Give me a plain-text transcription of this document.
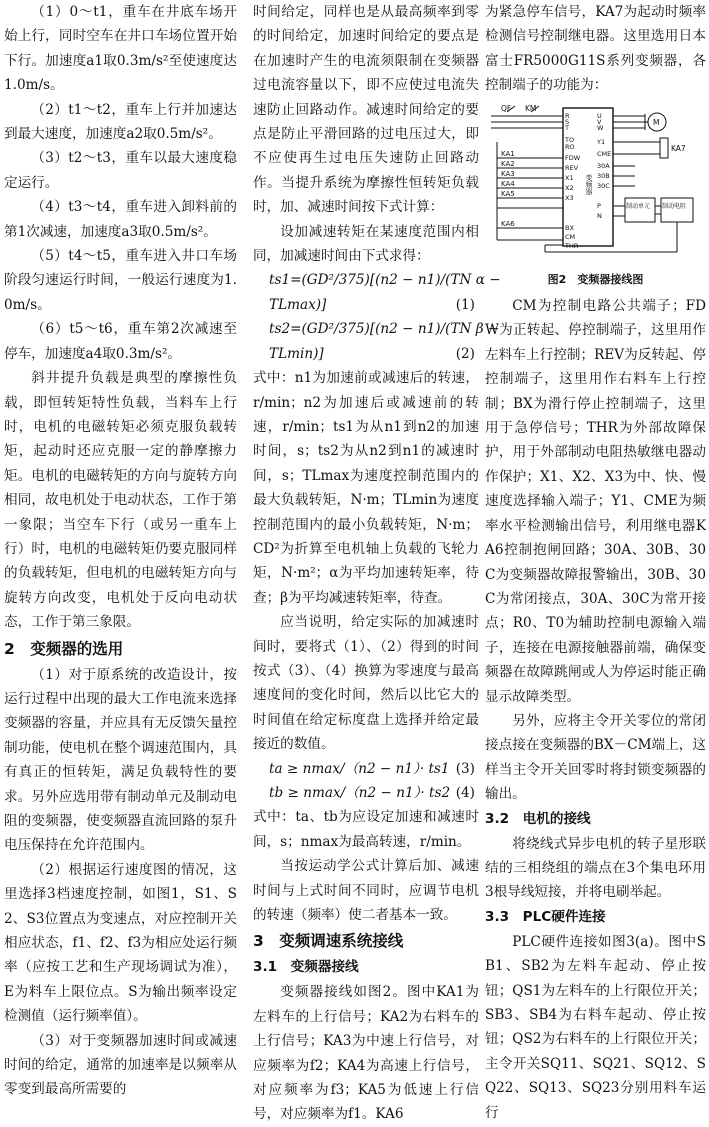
（1）0～t1，重车在井底车场开始上行，同时空车在井口车场位置开始下行。加速度a1取0.3m/s²至使速度达1.0m/s。

（2）t1～t2，重车上行并加速达到最大速度，加速度a2取0.5m/s²。

（3）t2～t3，重车以最大速度稳定运行。

（4）t3～t4，重车进入卸料前的第1次减速，加速度a3取0.5m/s²。

（5）t4～t5，重车进入井口车场阶段匀速运行时间，一般运行速度为1.0m/s。

（6）t5～t6，重车第2次减速至停车，加速度a4取0.3m/s²。

斜井提升负载是典型的摩擦性负载，即恒转矩特性负载，当料车上行时，电机的电磁转矩必须克服负载转矩，起动时还应克服一定的静摩擦力矩。电机的电磁转矩的方向与旋转方向相同，故电机处于电动状态，工作于第一象限；当空车下行（或另一重车上行）时，电机的电磁转矩仍要克服同样的负载转矩，但电机的电磁转矩方向与旋转方向改变，电机处于反向电动状态，工作于第三象限。

2　变频器的选用

（1）对于原系统的改造设计，按运行过程中出现的最大工作电流来选择变频器的容量，并应具有无反馈矢量控制功能，使电机在整个调速范围内，具有真正的恒转矩，满足负载特性的要求。另外应选用带有制动单元及制动电阻的变频器，使变频器直流回路的泵升电压保持在允许范围内。

（2）根据运行速度图的情况，这里选择3档速度控制，如图1，S1、S2、S3位置点为变速点，对应控制开关相应状态，f1、f2、f3为相应处运行频率（应按工艺和生产现场调试为准），E为料车上限位点。S为输出频率设定检测值（运行频率值）。

（3）对于变频器加速时间或减速时间的给定，通常的加速率是以频率从零变到最高所需要的

时间给定，同样也是从最高频率到零的时间给定，加速时间给定的要点是在加速时产生的电流须限制在变频器过电流容量以下，即不应使过电流失速防止回路动作。减速时间给定的要点是防止平滑回路的过电压过大，即不应使再生过电压失速防止回路动作。当提升系统为摩擦性恒转矩负载时，加、减速时间按下式计算：

设加减速转矩在某速度范围内相同，加减速时间由下式求得：

ts1=(GD²/375)[(n2 − n1)/(TN α −
TLmax)]	(1)
ts2=(GD²/375)[(n2 − n1)/(TN β −
TLmin)]	(2)

式中：n1为加速前或减速后的转速，r/min；n2为加速后或减速前的转速，r/min；ts1为从n1到n2的加速时间，s；ts2为从n2到n1的减速时间，s；TLmax为速度控制范围内的最大负载转矩，N·m；TLmin为速度控制范围内的最小负载转矩，N·m；CD²为折算至电机轴上负载的飞轮力矩，N·m²；α为平均加速转矩率，待查；β为平均减速转矩率，待查。

应当说明，给定实际的加减速时间时，要将式（1）、（2）得到的时间按式（3）、（4）换算为零速度与最高速度间的变化时间，然后以比它大的时间值在给定标度盘上选择并给定最接近的数值。

ta ≥ nmax/（n2 − n1）· ts1 (3)
tb ≥ nmax/（n2 − n1）· ts2 (4)

式中：ta、tb为应设定加速和减速时间，s；nmax为最高转速，r/min。

当按运动学公式计算后加、减速时间与上式时间不同时，应调节电机的转速（频率）使二者基本一致。

3　变频调速系统接线
3.1　变频器接线

变频器接线如图2。图中KA1为左料车的上行信号；KA2为右料车的上行信号；KA3为中速上行信号，对应频率为f2；KA4为高速上行信号，对应频率为f3；KA5为低速上行信号，对应频率为f1。KA6

为紧急停车信号，KA7为起动时频率检测信号控制继电器。这里选用日本富士FR5000G11S系列变频器，各控制端子的功能为：

QF KM
变频器
M
KA7
制动单元 制动电阻
KA1
KA2
KA3
KA4
KA5
KA6
R
S
T
TO
RO
FDW
REV
X1
X2
X3
BX
CM
THR
U
V
W
Y1
CME
30A
30B
30C
P
N
图2　变频器接线图

CM为控制电路公共端子；FDW为正转起、停控制端子，这里用作左料车上行控制；REV为反转起、停控制端子，这里用作右料车上行控制；BX为滑行停止控制端子，这里用于急停信号；THR为外部故障保护，用于外部制动电阻热敏继电器动作保护；X1、X2、X3为中、快、慢速度选择输入端子；Y1、CME为频率水平检测输出信号，利用继电器KA6控制抱闸回路；30A、30B、30C为变频器故障报警输出，30B、30C为常闭接点，30A、30C为常开接点；R0、T0为辅助控制电源输入端子，连接在电源接触器前端，确保变频器在故障跳闸或人为停运时能正确显示故障类型。

另外，应将主令开关零位的常闭接点接在变频器的BX－CM端上，这样当主令开关回零时将封锁变频器的输出。

3.2　电机的接线

将绕线式异步电机的转子星形联结的三相绕组的端点在3个集电环用3根导线短接，并将电刷举起。

3.3　PLC硬件连接

PLC硬件连接如图3(a)。图中SB1、SB2为左料车起动、停止按钮；QS1为左料车的上行限位开关；SB3、SB4为右料车起动、停止按钮；QS2为右料车的上行限位开关；主令开关SQ11、SQ21、SQ12、SQ22、SQ13、SQ23分别用料车运行
